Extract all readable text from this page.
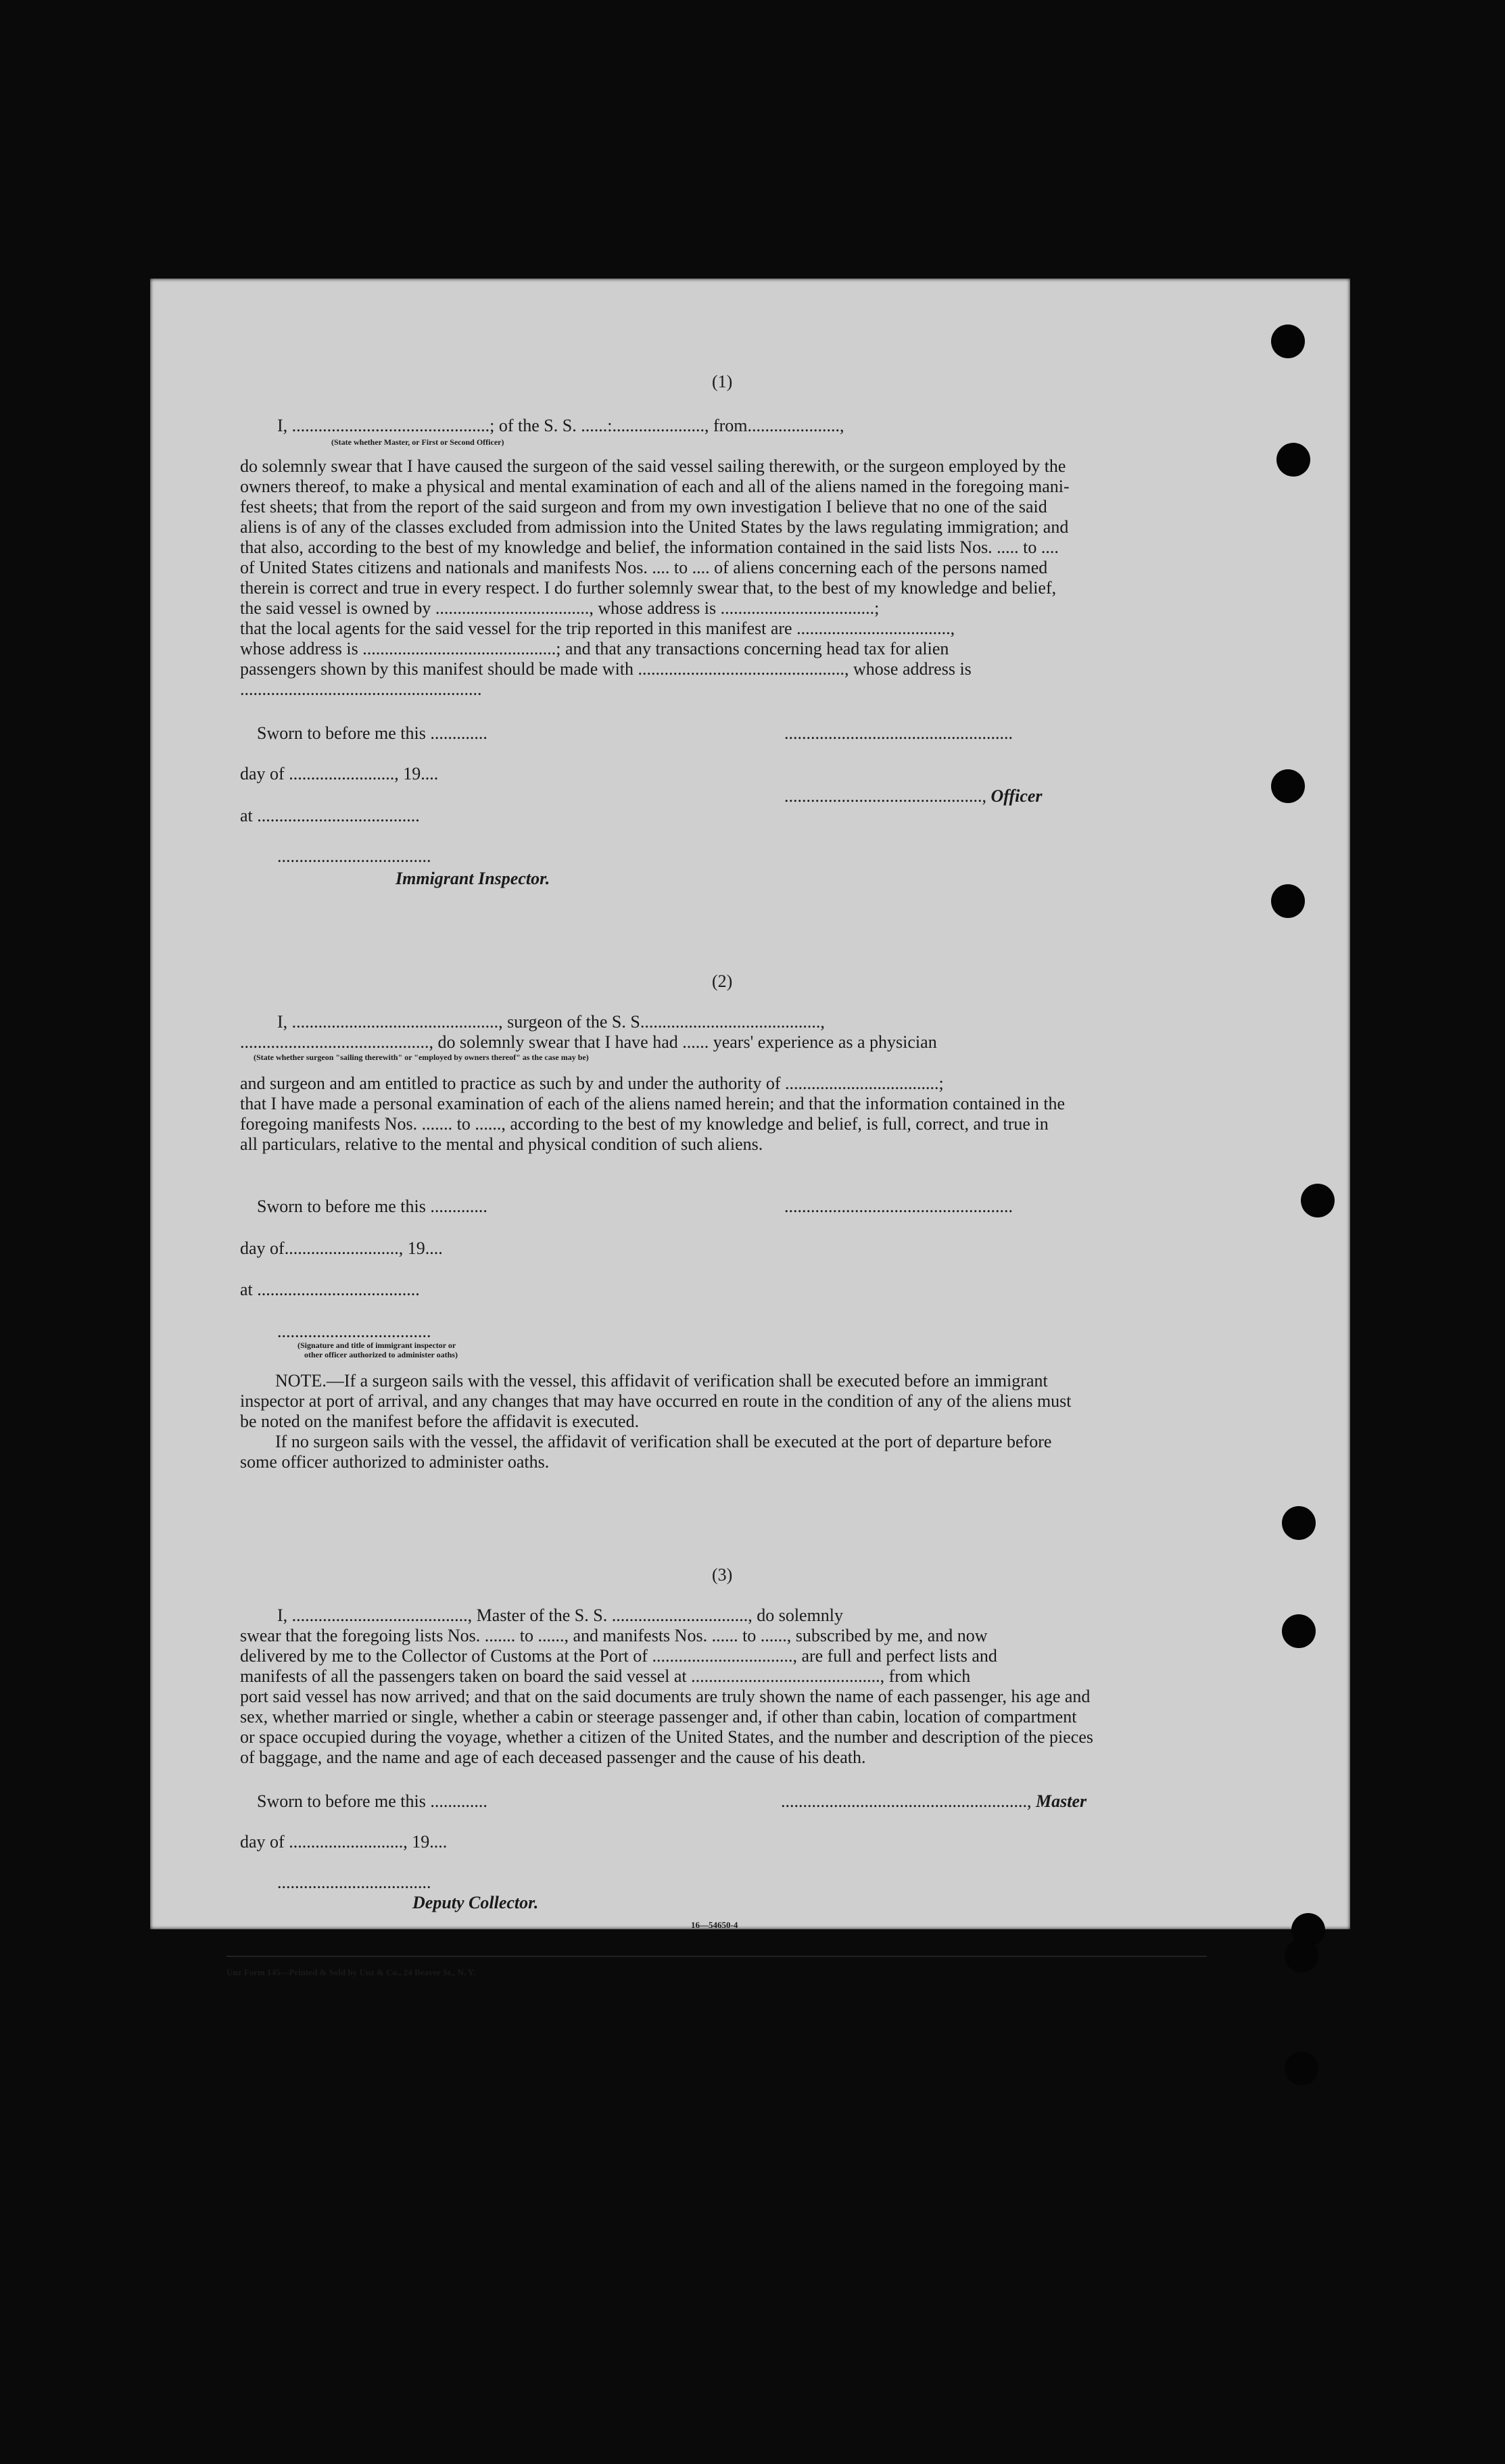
(1)
I, .............................................; of the S. S. ......:....................., from.....................,
(State whether Master, or First or Second Officer)
do solemnly swear that I have caused the surgeon of the said vessel sailing therewith, or the surgeon employed by the
owners thereof, to make a physical and mental examination of each and all of the aliens named in the foregoing mani-
fest sheets; that from the report of the said surgeon and from my own investigation I believe that no one of the said
aliens is of any of the classes excluded from admission into the United States by the laws regulating immigration; and
that also, according to the best of my knowledge and belief, the information contained in the said lists Nos. ..... to ....
of United States citizens and nationals and manifests Nos. .... to .... of aliens concerning each of the persons named
therein is correct and true in every respect. I do further solemnly swear that, to the best of my knowledge and belief,
the said vessel is owned by ..................................., whose address is ...................................;
that the local agents for the said vessel for the trip reported in this manifest are ...................................,
whose address is ............................................; and that any transactions concerning head tax for alien
passengers shown by this manifest should be made with ..............................................., whose address is
.......................................................
Sworn to before me this .............	....................................................
day of ........................, 19....
............................................., Officer
at .....................................
...................................
Immigrant Inspector.
(2)
I, ..............................................., surgeon of the S. S.........................................,
..........................................., do solemnly swear that I have had ...... years' experience as a physician
(State whether surgeon "sailing therewith" or "employed by owners thereof" as the case may be)
and surgeon and am entitled to practice as such by and under the authority of ...................................;
that I have made a personal examination of each of the aliens named herein; and that the information contained in the
foregoing manifests Nos. ....... to ......, according to the best of my knowledge and belief, is full, correct, and true in
all particulars, relative to the mental and physical condition of such aliens.
Sworn to before me this .............	....................................................
day of.........................., 19....
at .....................................
...................................
(Signature and title of immigrant inspector or
other officer authorized to administer oaths)
NOTE.—If a surgeon sails with the vessel, this affidavit of verification shall be executed before an immigrant
inspector at port of arrival, and any changes that may have occurred en route in the condition of any of the aliens must
be noted on the manifest before the affidavit is executed.
If no surgeon sails with the vessel, the affidavit of verification shall be executed at the port of departure before
some officer authorized to administer oaths.
(3)
I, ........................................, Master of the S. S. ..............................., do solemnly
swear that the foregoing lists Nos. ....... to ......, and manifests Nos. ...... to ......, subscribed by me, and now
delivered by me to the Collector of Customs at the Port of ................................, are full and perfect lists and
manifests of all the passengers taken on board the said vessel at ..........................................., from which
port said vessel has now arrived; and that on the said documents are truly shown the name of each passenger, his age and
sex, whether married or single, whether a cabin or steerage passenger and, if other than cabin, location of compartment
or space occupied during the voyage, whether a citizen of the United States, and the number and description of the pieces
of baggage, and the name and age of each deceased passenger and the cause of his death.
Sworn to before me this .............	........................................................, Master
day of .........................., 19....
...................................
Deputy Collector.
16—54650-4
Unz Form 145—Printed & Sold by Unz & Co., 24 Beaver St., N. Y.
